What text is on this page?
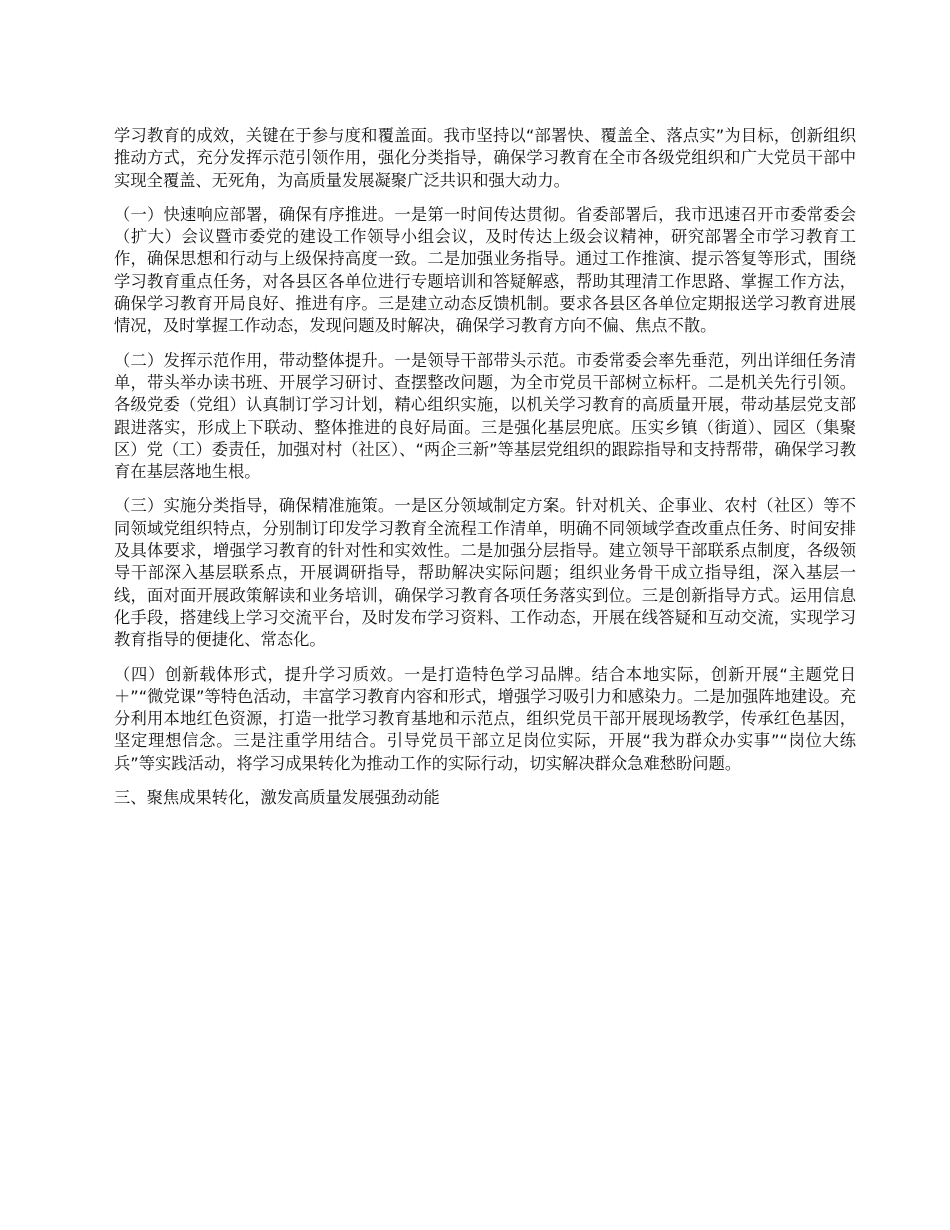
学习教育的成效，关键在于参与度和覆盖面。我市坚持以“部署快、覆盖全、落点实”为目标，创新组织推动方式，充分发挥示范引领作用，强化分类指导，确保学习教育在全市各级党组织和广大党员干部中实现全覆盖、无死角，为高质量发展凝聚广泛共识和强大动力。

（一）快速响应部署，确保有序推进。一是第一时间传达贯彻。省委部署后，我市迅速召开市委常委会（扩大）会议暨市委党的建设工作领导小组会议，及时传达上级会议精神，研究部署全市学习教育工作，确保思想和行动与上级保持高度一致。二是加强业务指导。通过工作推演、提示答复等形式，围绕学习教育重点任务，对各县区各单位进行专题培训和答疑解惑，帮助其理清工作思路、掌握工作方法，确保学习教育开局良好、推进有序。三是建立动态反馈机制。要求各县区各单位定期报送学习教育进展情况，及时掌握工作动态，发现问题及时解决，确保学习教育方向不偏、焦点不散。

（二）发挥示范作用，带动整体提升。一是领导干部带头示范。市委常委会率先垂范，列出详细任务清单，带头举办读书班、开展学习研讨、查摆整改问题，为全市党员干部树立标杆。二是机关先行引领。各级党委（党组）认真制订学习计划，精心组织实施，以机关学习教育的高质量开展，带动基层党支部跟进落实，形成上下联动、整体推进的良好局面。三是强化基层兜底。压实乡镇（街道）、园区（集聚区）党（工）委责任，加强对村（社区）、“两企三新”等基层党组织的跟踪指导和支持帮带，确保学习教育在基层落地生根。

（三）实施分类指导，确保精准施策。一是区分领域制定方案。针对机关、企事业、农村（社区）等不同领域党组织特点，分别制订印发学习教育全流程工作清单，明确不同领域学查改重点任务、时间安排及具体要求，增强学习教育的针对性和实效性。二是加强分层指导。建立领导干部联系点制度，各级领导干部深入基层联系点，开展调研指导，帮助解决实际问题；组织业务骨干成立指导组，深入基层一线，面对面开展政策解读和业务培训，确保学习教育各项任务落实到位。三是创新指导方式。运用信息化手段，搭建线上学习交流平台，及时发布学习资料、工作动态，开展在线答疑和互动交流，实现学习教育指导的便捷化、常态化。

（四）创新载体形式，提升学习质效。一是打造特色学习品牌。结合本地实际，创新开展“主题党日＋”“微党课”等特色活动，丰富学习教育内容和形式，增强学习吸引力和感染力。二是加强阵地建设。充分利用本地红色资源，打造一批学习教育基地和示范点，组织党员干部开展现场教学，传承红色基因，坚定理想信念。三是注重学用结合。引导党员干部立足岗位实际，开展“我为群众办实事”“岗位大练兵”等实践活动，将学习成果转化为推动工作的实际行动，切实解决群众急难愁盼问题。

三、聚焦成果转化，激发高质量发展强劲动能
